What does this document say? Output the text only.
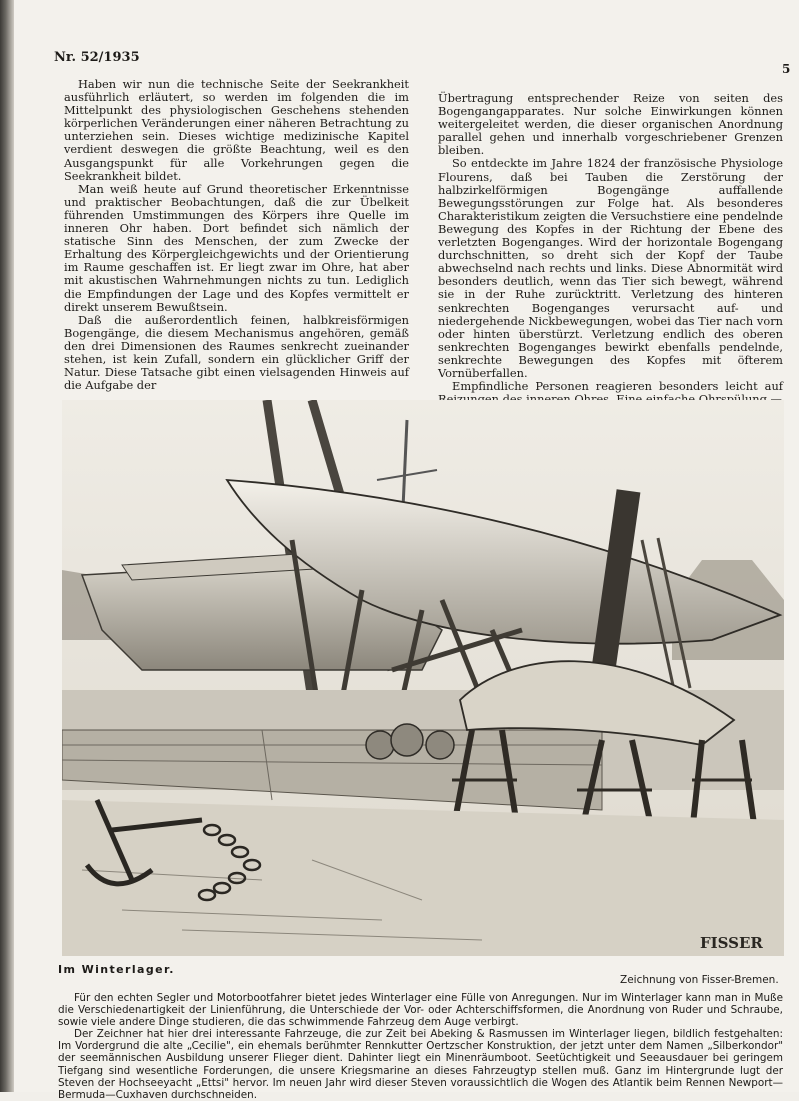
Nr. 52/1935
5

Haben wir nun die technische Seite der Seekrankheit ausführlich erläutert, so werden im folgenden die im Mittelpunkt des physiologischen Geschehens stehenden körperlichen Veränderungen einer näheren Betrachtung zu unterziehen sein. Dieses wichtige medizinische Kapitel verdient deswegen die größte Beachtung, weil es den Ausgangspunkt für alle Vorkehrungen gegen die Seekrankheit bildet.

Man weiß heute auf Grund theoretischer Erkenntnisse und praktischer Beobachtungen, daß die zur Übelkeit führenden Umstimmungen des Körpers ihre Quelle im inneren Ohr haben. Dort befindet sich nämlich der statische Sinn des Menschen, der zum Zwecke der Erhaltung des Körpergleichgewichts und der Orientierung im Raume geschaffen ist. Er liegt zwar im Ohre, hat aber mit akustischen Wahrnehmungen nichts zu tun. Lediglich die Empfindungen der Lage und des Kopfes vermittelt er direkt unserem Bewußtsein.

Daß die außerordentlich feinen, halbkreisförmigen Bogengänge, die diesem Mechanismus angehören, gemäß den drei Dimensionen des Raumes senkrecht zueinander stehen, ist kein Zufall, sondern ein glücklicher Griff der Natur. Diese Tatsache gibt einen vielsagenden Hinweis auf die Aufgabe der

Übertragung entsprechender Reize von seiten des Bogengangapparates. Nur solche Einwirkungen können weitergeleitet werden, die dieser organischen Anordnung parallel gehen und innerhalb vorgeschriebener Grenzen bleiben.

So entdeckte im Jahre 1824 der französische Physiologe Flourens, daß bei Tauben die Zerstörung der halbzirkelförmigen Bogengänge auffallende Bewegungsstörungen zur Folge hat. Als besonderes Charakteristikum zeigten die Versuchstiere eine pendelnde Bewegung des Kopfes in der Richtung der Ebene des verletzten Bogenganges. Wird der horizontale Bogengang durchschnitten, so dreht sich der Kopf der Taube abwechselnd nach rechts und links. Diese Abnormität wird besonders deutlich, wenn das Tier sich bewegt, während sie in der Ruhe zurücktritt. Verletzung des hinteren senkrechten Bogenganges verursacht auf- und niedergehende Nickbewegungen, wobei das Tier nach vorn oder hinten überstürzt. Verletzung endlich des oberen senkrechten Bogenganges bewirkt ebenfalls pendelnde, senkrechte Bewegungen des Kopfes mit öfterem Vornüberfallen.

Empfindliche Personen reagieren besonders leicht auf

FISSER
Im Winterlager.
Zeichnung von Fisser-Bremen.

Für den echten Segler und Motorbootfahrer bietet jedes Winterlager eine Fülle von Anregungen. Nur im Winterlager kann man in Muße die Verschiedenartigkeit der Linienführung, die Unterschiede der Vor- oder Achterschiffsformen, die Anordnung von Ruder und Schraube, sowie viele andere Dinge studieren, die das schwimmende Fahrzeug dem Auge verbirgt.

Der Zeichner hat hier drei interessante Fahrzeuge, die zur Zeit bei Abeking & Rasmussen im Winterlager liegen, bildlich festgehalten: Im Vordergrund die alte „Cecilie", ein ehemals berühmter Rennkutter Oertzscher Konstruktion, der jetzt unter dem Namen „Silberkondor" der seemännischen Ausbildung unserer Flieger dient. Dahinter liegt ein Minenräumboot. Seetüchtigkeit und Seeausdauer bei geringem Tiefgang sind wesentliche Forderungen, die unsere Kriegsmarine an dieses Fahrzeugtyp stellen muß. Ganz im Hintergrunde lugt der Steven der Hochseeyacht „Ettsi" hervor. Im neuen Jahr wird dieser Steven voraussichtlich die Wogen des Atlantik beim Rennen Newport—Bermuda—Cuxhaven durchschneiden.
